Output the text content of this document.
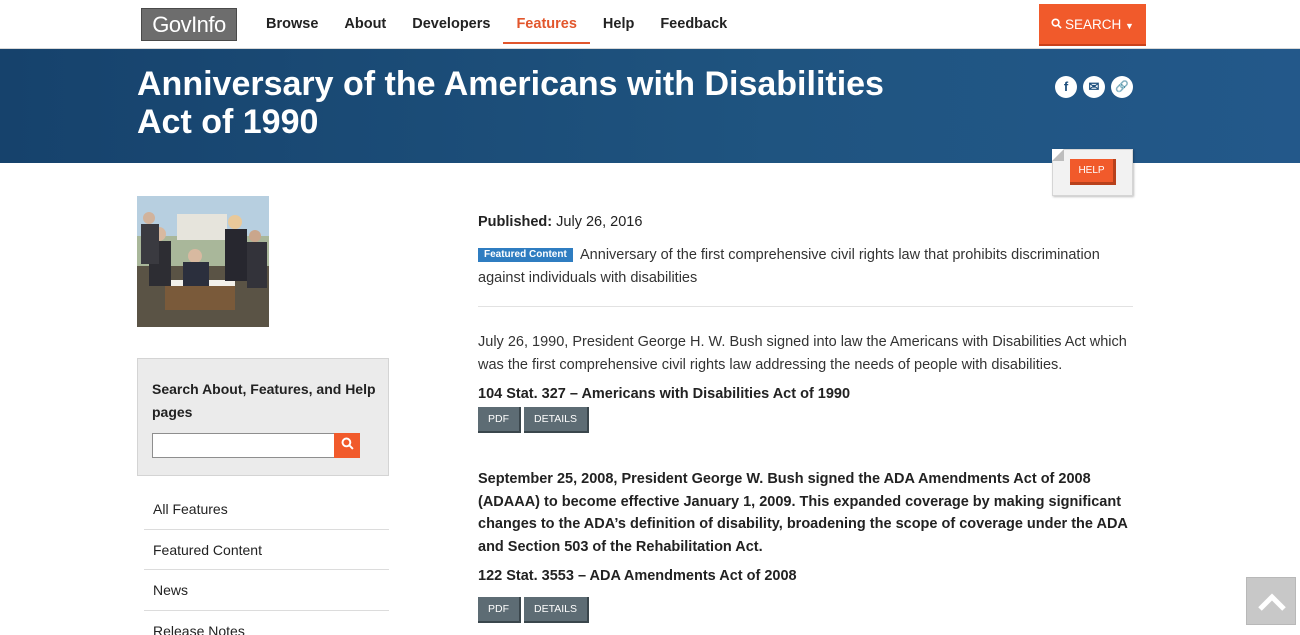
GovInfo	Browse	About	Developers	Features	Help	Feedback	SEARCH ▼
Anniversary of the Americans with Disabilities Act of 1990
f	✉	🔗
HELP
Search About, Features, and Help pages
All Features
Featured Content
News
Release Notes
Published: July 26, 2016
Featured Content Anniversary of the first comprehensive civil rights law that prohibits discrimination against individuals with disabilities
July 26, 1990, President George H. W. Bush signed into law the Americans with Disabilities Act which was the first comprehensive civil rights law addressing the needs of people with disabilities.
104 Stat. 327 – Americans with Disabilities Act of 1990
PDF	DETAILS
September 25, 2008, President George W. Bush signed the ADA Amendments Act of 2008 (ADAAA) to become effective January 1, 2009. This expanded coverage by making significant changes to the ADA’s definition of disability, broadening the scope of coverage under the ADA and Section 503 of the Rehabilitation Act.
122 Stat. 3553 – ADA Amendments Act of 2008
PDF	DETAILS
